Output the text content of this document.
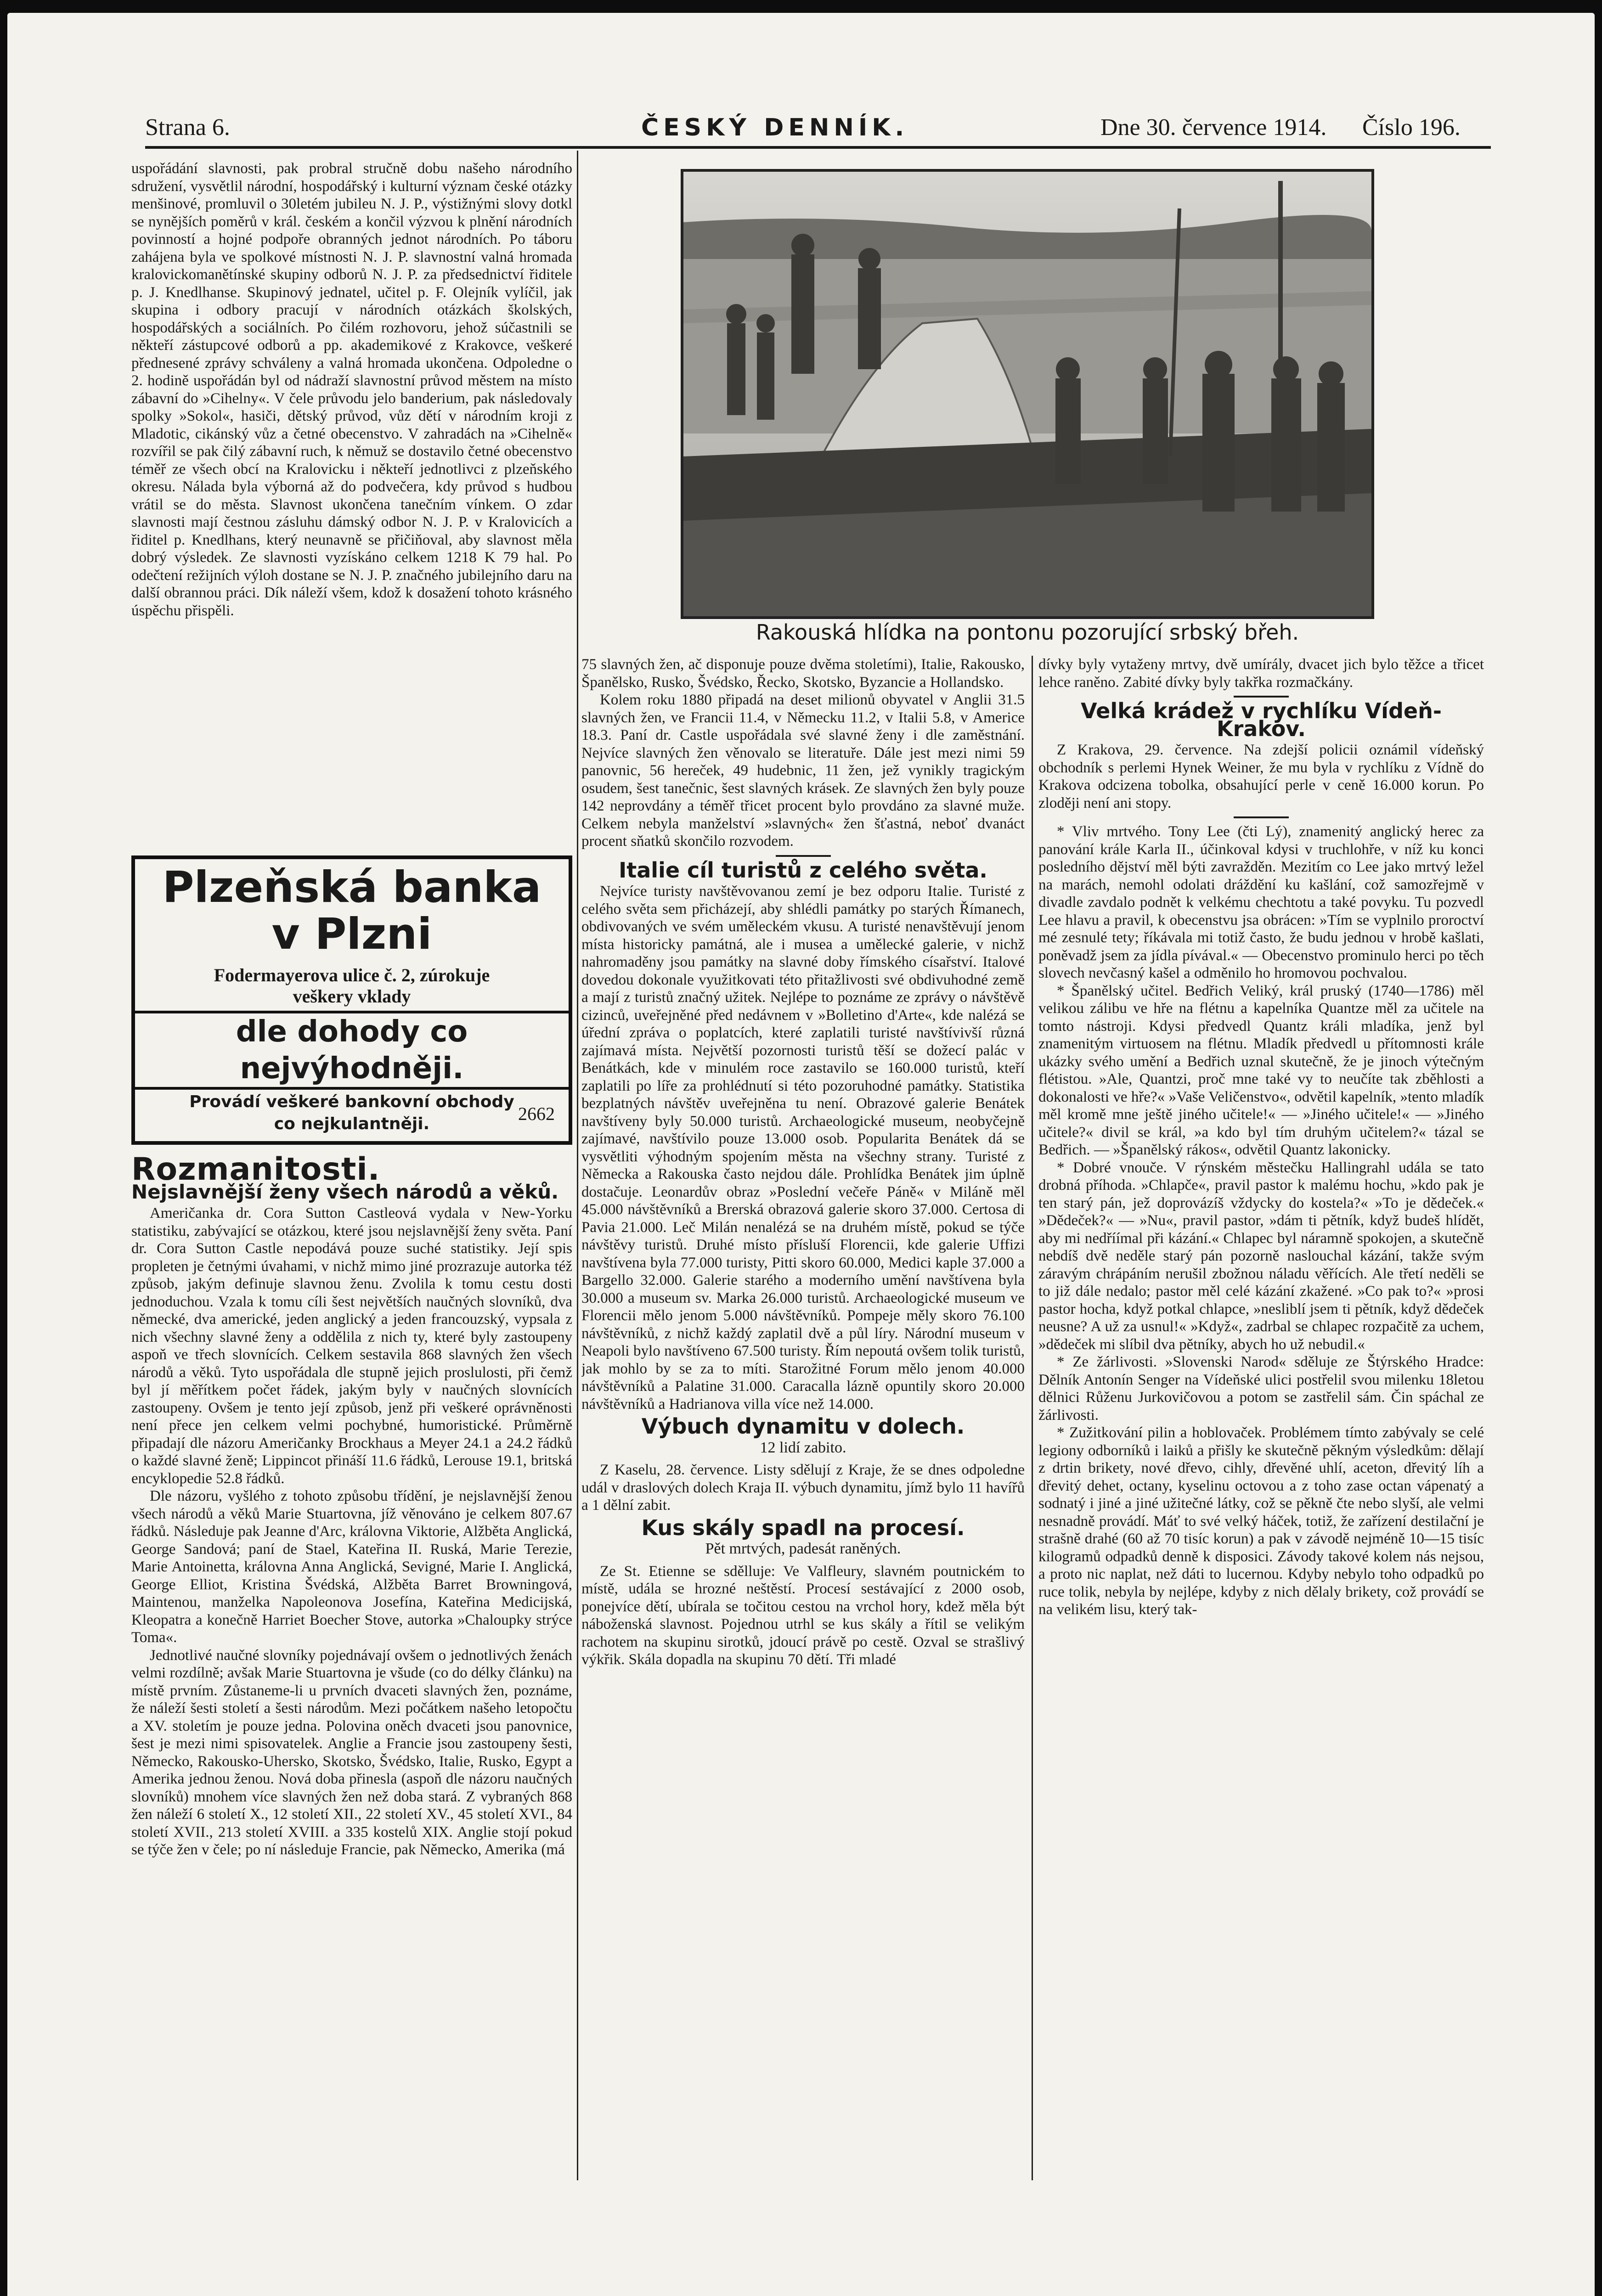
Strana 6.	ČESKÝ DENNÍK.	Dne 30. července 1914. Číslo 196.

uspořádání slavnosti, pak probral stručně dobu našeho národního sdružení, vysvětlil národní, hospodářský i kulturní význam české otázky menšinové, promluvil o 30letém jubileu N. J. P., výstižnými slovy dotkl se nynějších poměrů v král. českém a končil výzvou k plnění národních povinností a hojné podpoře obranných jednot národních. Po táboru zahájena byla ve spolkové místnosti N. J. P. slavnostní valná hromada kralovickomanětínské skupiny odborů N. J. P. za předsednictví řiditele p. J. Knedlhanse. Skupinový jednatel, učitel p. F. Olejník vylíčil, jak skupina i odbory pracují v národních otázkách školských, hospodářských a sociálních. Po čilém rozhovoru, jehož súčastnili se někteří zástupcové odborů a pp. akademikové z Krakovce, veškeré přednesené zprávy schváleny a valná hromada ukončena. Odpoledne o 2. hodině uspořádán byl od nádraží slavnostní průvod městem na místo zábavní do »Cihelny«. V čele průvodu jelo banderium, pak následovaly spolky »Sokol«, hasiči, dětský průvod, vůz dětí v národním kroji z Mladotic, cikánský vůz a četné obecenstvo. V zahradách na »Cihelně« rozvířil se pak čilý zábavní ruch, k němuž se dostavilo četné obecenstvo téměř ze všech obcí na Kralovicku i někteří jednotlivci z plzeňského okresu. Nálada byla výborná až do podvečera, kdy průvod s hudbou vrátil se do města. Slavnost ukončena tanečním vínkem. O zdar slavnosti mají čestnou zásluhu dámský odbor N. J. P. v Kralovicích a řiditel p. Knedlhans, který neunavně se přičiňoval, aby slavnost měla dobrý výsledek. Ze slavnosti vyzískáno celkem 1218 K 79 hal. Po odečtení režijních výloh dostane se N. J. P. značného jubilejního daru na další obrannou práci. Dík náleží všem, kdož k dosažení tohoto krásného úspěchu přispěli.

Plzeňská banka
v Plzni
Fodermayerova ulice č. 2, zúrokuje
veškery vklady
dle dohody co nejvýhodněji.
Provádí veškeré bankovní obchody
co nejkulantněji.	2662
Rozmanitosti.
Nejslavnější ženy všech národů a věků.

Američanka dr. Cora Sutton Castleová vydala v New-Yorku statistiku, zabývající se otázkou, které jsou nejslavnější ženy světa. Paní dr. Cora Sutton Castle nepodává pouze suché statistiky. Její spis propleten je četnými úvahami, v nichž mimo jiné prozrazuje autorka též způsob, jakým definuje slavnou ženu. Zvolila k tomu cestu dosti jednoduchou. Vzala k tomu cíli šest největších naučných slovníků, dva německé, dva americké, jeden anglický a jeden francouzský, vypsala z nich všechny slavné ženy a oddělila z nich ty, které byly zastoupeny aspoň ve třech slovnících. Celkem sestavila 868 slavných žen všech národů a věků. Tyto uspořádala dle stupně jejich proslulosti, při čemž byl jí měřítkem počet řádek, jakým byly v naučných slovnících zastoupeny. Ovšem je tento její způsob, jenž při veškeré oprávněnosti není přece jen celkem velmi pochybné, humoristické. Průměrně připadají dle názoru Američanky Brockhaus a Meyer 24.1 a 24.2 řádků o každé slavné ženě; Lippincot přináší 11.6 řádků, Lerouse 19.1, britská encyklopedie 52.8 řádků.

Dle názoru, vyšlého z tohoto způsobu třídění, je nejslavnější ženou všech národů a věků Marie Stuartovna, jíž věnováno je celkem 807.67 řádků. Následuje pak Jeanne d'Arc, královna Viktorie, Alžběta Anglická, George Sandová; paní de Stael, Kateřina II. Ruská, Marie Terezie, Marie Antoinetta, královna Anna Anglická, Sevigné, Marie I. Anglická, George Elliot, Kristina Švédská, Alžběta Barret Browningová, Maintenou, manželka Napoleonova Josefína, Kateřina Medicijská, Kleopatra a konečně Harriet Boecher Stove, autorka »Chaloupky strýce Toma«.

Jednotlivé naučné slovníky pojednávají ovšem o jednotlivých ženách velmi rozdílně; avšak Marie Stuartovna je všude (co do délky článku) na místě prvním. Zůstaneme-li u prvních dvaceti slavných žen, poznáme, že náleží šesti století a šesti národům. Mezi počátkem našeho letopočtu a XV. stoletím je pouze jedna. Polovina oněch dvaceti jsou panovnice, šest je mezi nimi spisovatelek. Anglie a Francie jsou zastoupeny šesti, Německo, Rakousko-Uhersko, Skotsko, Švédsko, Italie, Rusko, Egypt a Amerika jednou ženou. Nová doba přinesla (aspoň dle názoru naučných slovníků) mnohem více slavných žen než doba stará. Z vybraných 868 žen náleží 6 století X., 12 století XII., 22 století XV., 45 století XVI., 84 století XVII., 213 století XVIII. a 335 kostelů XIX. Anglie stojí pokud se týče žen v čele; po ní následuje Francie, pak Německo, Amerika (má

Rakouská hlídka na pontonu pozorující srbský břeh.

75 slavných žen, ač disponuje pouze dvěma stoletími), Italie, Rakousko, Španělsko, Rusko, Švédsko, Řecko, Skotsko, Byzancie a Hollandsko.

Kolem roku 1880 připadá na deset milionů obyvatel v Anglii 31.5 slavných žen, ve Francii 11.4, v Německu 11.2, v Italii 5.8, v Americe 18.3. Paní dr. Castle uspořádala své slavné ženy i dle zaměstnání. Nejvíce slavných žen věnovalo se literatuře. Dále jest mezi nimi 59 panovnic, 56 hereček, 49 hudebnic, 11 žen, jež vynikly tragickým osudem, šest tanečnic, šest slavných krásek. Ze slavných žen byly pouze 142 neprovdány a téměř třicet procent bylo provdáno za slavné muže. Celkem nebyla manželství »slavných« žen šťastná, neboť dvanáct procent sňatků skončilo rozvodem.

Italie cíl turistů z celého světa.

Nejvíce turisty navštěvovanou zemí je bez odporu Italie. Turisté z celého světa sem přicházejí, aby shlédli památky po starých Římanech, obdivovaných ve svém uměleckém vkusu. A turisté nenavštěvují jenom místa historicky památná, ale i musea a umělecké galerie, v nichž nahromaděny jsou památky na slavné doby římského císařství. Italové dovedou dokonale využitkovati této přitažlivosti své obdivuhodné země a mají z turistů značný užitek. Nejlépe to poznáme ze zprávy o návštěvě cizinců, uveřejněné před nedávnem v »Bolletino d'Arte«, kde nalézá se úřední zpráva o poplatcích, které zaplatili turisté navštívivší různá zajímavá místa. Největší pozornosti turistů těší se dožecí palác v Benátkách, kde v minulém roce zastavilo se 160.000 turistů, kteří zaplatili po líře za prohlédnutí si této pozoruhodné památky. Statistika bezplatných návštěv uveřejněna tu není. Obrazové galerie Benátek navštíveny byly 50.000 turistů. Archaeologické museum, neobyčejně zajímavé, navštívilo pouze 13.000 osob. Popularita Benátek dá se vysvětliti výhodným spojením města na všechny strany. Turisté z Německa a Rakouska často nejdou dále. Prohlídka Benátek jim úplně dostačuje. Leonardův obraz »Poslední večeře Páně« v Miláně měl 45.000 návštěvníků a Brerská obrazová galerie skoro 37.000. Certosa di Pavia 21.000. Leč Milán nenalézá se na druhém místě, pokud se týče návštěvy turistů. Druhé místo přísluší Florencii, kde galerie Uffizi navštívena byla 77.000 turisty, Pitti skoro 60.000, Medici kaple 37.000 a Bargello 32.000. Galerie starého a moderního umění navštívena byla 30.000 a museum sv. Marka 26.000 turistů. Archaeologické museum ve Florencii mělo jenom 5.000 návštěvníků. Pompeje měly skoro 76.100 návštěvníků, z nichž každý zaplatil dvě a půl líry. Národní museum v Neapoli bylo navštíveno 67.500 turisty. Řím nepoutá ovšem tolik turistů, jak mohlo by se za to míti. Starožitné Forum mělo jenom 40.000 návštěvníků a Palatine 31.000. Caracalla lázně opuntily skoro 20.000 návštěvníků a Hadrianova villa více než 14.000.

Výbuch dynamitu v dolech.
12 lidí zabito.

Z Kaselu, 28. července. Listy sdělují z Kraje, že se dnes odpoledne udál v draslových dolech Kraja II. výbuch dynamitu, jímž bylo 11 havířů a 1 dělní zabit.

Kus skály spadl na procesí.
Pět mrtvých, padesát raněných.

Ze St. Etienne se sdělluje: Ve Valfleury, slavném poutnickém to místě, udála se hrozné neštěstí. Procesí sestávající z 2000 osob, ponejvíce dětí, ubírala se točitou cestou na vrchol hory, kdež měla být náboženská slavnost. Pojednou utrhl se kus skály a řítil se velikým rachotem na skupinu sirotků, jdoucí právě po cestě. Ozval se strašlivý výkřik. Skála dopadla na skupinu 70 dětí. Tři mladé

dívky byly vytaženy mrtvy, dvě umírály, dvacet jich bylo těžce a třicet lehce raněno. Zabité dívky byly takřka rozmačkány.

Velká krádež v rychlíku Vídeň-Krakov.

Z Krakova, 29. července. Na zdejší policii oznámil vídeňský obchodník s perlemi Hynek Weiner, že mu byla v rychlíku z Vídně do Krakova odcizena tobolka, obsahující perle v ceně 16.000 korun. Po zloději není ani stopy.

* Vliv mrtvého. Tony Lee (čti Lý), znamenitý anglický herec za panování krále Karla II., účinkoval kdysi v truchlohře, v níž ku konci posledního dějství měl býti zavražděn. Mezitím co Lee jako mrtvý ležel na marách, nemohl odolati dráždění ku kašlání, což samozřejmě v divadle zavdalo podnět k velkému chechtotu a také povyku. Tu pozvedl Lee hlavu a pravil, k obecenstvu jsa obrácen: »Tím se vyplnilo proroctví mé zesnulé tety; říkávala mi totiž často, že budu jednou v hrobě kašlati, poněvadž jsem za jídla pívával.« — Obecenstvo prominulo herci po těch slovech nevčasný kašel a odměnilo ho hromovou pochvalou.

* Španělský učitel. Bedřich Veliký, král pruský (1740—1786) měl velikou zálibu ve hře na flétnu a kapelníka Quantze měl za učitele na tomto nástroji. Kdysi předvedl Quantz králi mladíka, jenž byl znamenitým virtuosem na flétnu. Mladík předvedl u přítomnosti krále ukázky svého umění a Bedřich uznal skutečně, že je jinoch výtečným flétistou. »Ale, Quantzi, proč mne také vy to neučíte tak zběhlosti a dokonalosti ve hře?« »Vaše Veličenstvo«, odvětil kapelník, »tento mladík měl kromě mne ještě jiného učitele!« — »Jiného učitele!« — »Jiného učitele?« divil se král, »a kdo byl tím druhým učitelem?« tázal se Bedřich. — »Španělský rákos«, odvětil Quantz lakonicky.

* Dobré vnouče. V rýnském městečku Hallingrahl udála se tato drobná příhoda. »Chlapče«, pravil pastor k malému hochu, »kdo pak je ten starý pán, jež doprovázíš vždycky do kostela?« »To je dědeček.« »Dědeček?« — »Nu«, pravil pastor, »dám ti pětník, když budeš hlídět, aby mi nedříímal při kázání.« Chlapec byl náramně spokojen, a skutečně nebdíš dvě neděle starý pán pozorně naslouchal kázání, takže svým záravým chrápáním nerušil zbožnou náladu věřících. Ale třetí neděli se to již dále nedalo; pastor měl celé kázání zkažené. »Co pak to?« »prosi pastor hocha, když potkal chlapce, »nesliblí jsem ti pětník, když dědeček neusne? A už za usnul!« »Když«, zadrbal se chlapec rozpačitě za uchem, »dědeček mi slíbil dva pětníky, abych ho už nebudil.«

* Ze žárlivosti. »Slovenski Narod« sděluje ze Štýrského Hradce: Dělník Antonín Senger na Vídeňské ulici postřelil svou milenku 18letou dělnici Růženu Jurkovičovou a potom se zastřelil sám. Čin spáchal ze žárlivosti.

* Zužitkování pilin a hoblovaček. Problémem tímto zabývaly se celé legiony odborníků i laiků a přišly ke skutečně pěkným výsledkům: dělají z drtin brikety, nové dřevo, cihly, dřevěné uhlí, aceton, dřevitý líh a dřevitý dehet, octany, kyselinu octovou a z toho zase octan vápenatý a sodnatý i jiné a jiné užitečné látky, což se pěkně čte nebo slyší, ale velmi nesnadně provádí. Máť to své velký háček, totiž, že zařízení destilační je strašně drahé (60 až 70 tisíc korun) a pak v závodě nejméně 10—15 tisíc kilogramů odpadků denně k disposici. Závody takové kolem nás nejsou, a proto nic naplat, než dáti to lucernou. Kdyby nebylo toho odpadků po ruce tolik, nebyla by nejlépe, kdyby z nich dělaly brikety, což provádí se na velikém lisu, který tak-
